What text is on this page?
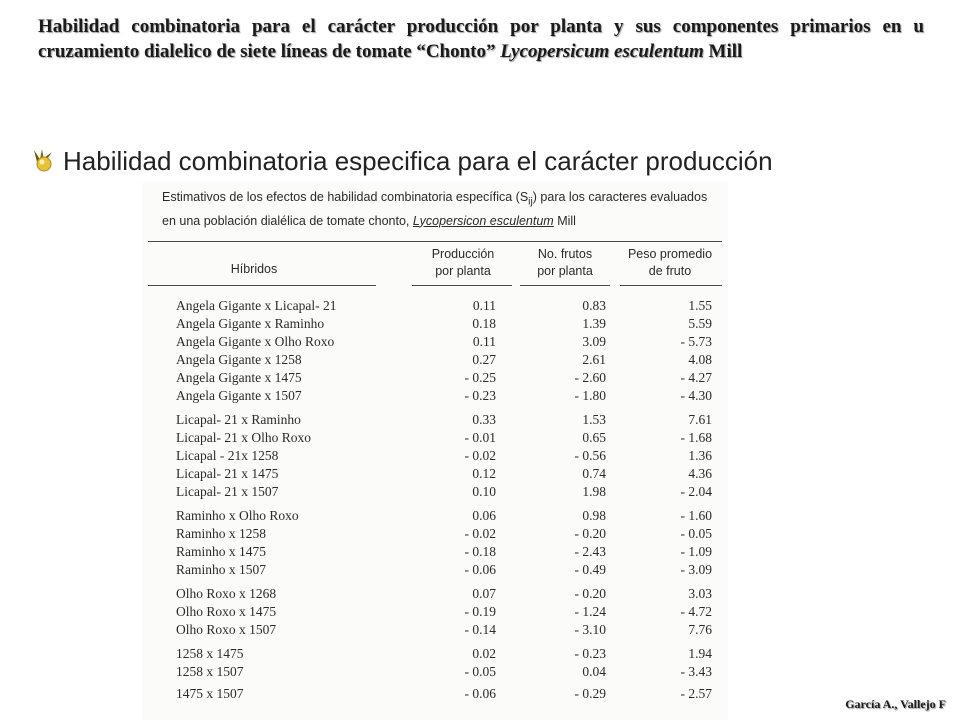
Habilidad combinatoria para el carácter producción por planta y sus componentes primarios en u cruzamiento dialelico de siete líneas de tomate “Chonto” Lycopersicum esculentum Mill
Habilidad combinatoria especifica para el carácter producción
Estimativos de los efectos de habilidad combinatoria específica $(S_{ij})$ para los caracteres evaluados en una población dialélica de tomate chonto, Lycopersicon esculentum Mill
Híbridos
Producción
por planta
No. frutos
por planta
Peso promedio
de fruto
Angela Gigante x Licapal- 21	0.11	0.83	1.55
Angela Gigante x Raminho	0.18	1.39	5.59
Angela Gigante x Olho Roxo	0.11	3.09	- 5.73
Angela Gigante x 1258	0.27	2.61	4.08
Angela Gigante x 1475	- 0.25	- 2.60	- 4.27
Angela Gigante x 1507	- 0.23	- 1.80	- 4.30
Licapal- 21 x Raminho	0.33	1.53	7.61
Licapal- 21 x Olho Roxo	- 0.01	0.65	- 1.68
Licapal - 21x 1258	- 0.02	- 0.56	1.36
Licapal- 21 x 1475	0.12	0.74	4.36
Licapal- 21 x 1507	0.10	1.98	- 2.04
Raminho x Olho Roxo	0.06	0.98	- 1.60
Raminho x 1258	- 0.02	- 0.20	- 0.05
Raminho x 1475	- 0.18	- 2.43	- 1.09
Raminho x 1507	- 0.06	- 0.49	- 3.09
Olho Roxo x 1268	0.07	- 0.20	3.03
Olho Roxo x 1475	- 0.19	- 1.24	- 4.72
Olho Roxo x 1507	- 0.14	- 3.10	7.76
1258 x 1475	0.02	- 0.23	1.94
1258 x 1507	- 0.05	0.04	- 3.43
1475 x 1507	- 0.06	- 0.29	- 2.57
García A., Vallejo F
